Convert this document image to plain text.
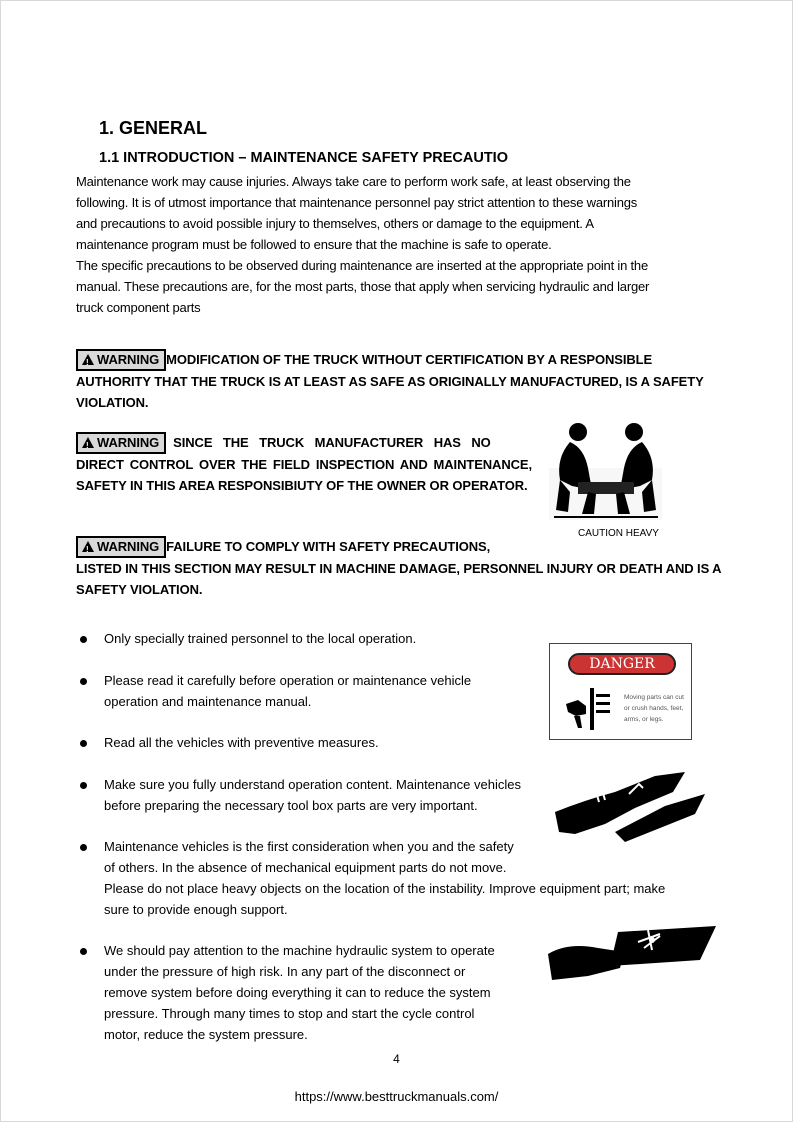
1. GENERAL
1.1 INTRODUCTION – MAINTENANCE SAFETY PRECAUTIO

Maintenance work may cause injuries. Always take care to perform work safe, at least observing the

following. It is of utmost importance that maintenance personnel pay strict attention to these warnings

and precautions to avoid possible injury to themselves, others or damage to the equipment. A

maintenance program must be followed to ensure that the machine is safe to operate.

The specific precautions to be observed during maintenance are inserted at the appropriate point in the

manual. These precautions are, for the most parts, those that apply when servicing hydraulic and larger

truck component parts

!WARNING MODIFICATION OF THE TRUCK WITHOUT CERTIFICATION BY A RESPONSIBLE
AUTHORITY THAT THE TRUCK IS AT LEAST AS SAFE AS ORIGINALLY MANUFACTURED, IS A SAFETY VIOLATION.
!WARNING SINCE THE TRUCK MANUFACTURER HAS NO
DIRECT CONTROL OVER THE FIELD INSPECTION AND MAINTENANCE, SAFETY IN THIS AREA RESPONSIBIUTY OF THE OWNER OR OPERATOR.
CAUTION HEAVY
!WARNING FAILURE TO COMPLY WITH SAFETY PRECAUTIONS,
LISTED IN THIS SECTION MAY RESULT IN MACHINE DAMAGE, PERSONNEL INJURY OR DEATH AND IS A SAFETY VIOLATION.
DANGER
Moving parts can cut or crush hands, feet, arms, or legs.
Only specially trained personnel to the local operation.
Please read it carefully before operation or maintenance vehicle
operation and maintenance manual.
Read all the vehicles with preventive measures.
Make sure you fully understand operation content. Maintenance vehicles
before preparing the necessary tool box parts are very important.
Maintenance vehicles is the first consideration when you and the safety
of others. In the absence of mechanical equipment parts do not move.
Please do not place heavy objects on the location of the instability. Improve equipment part; make
sure to provide enough support.
We should pay attention to the machine hydraulic system to operate
under the pressure of high risk. In any part of the disconnect or
remove system before doing everything it can to reduce the system
pressure. Through many times to stop and start the cycle control
motor, reduce the system pressure.
4
https://www.besttruckmanuals.com/
